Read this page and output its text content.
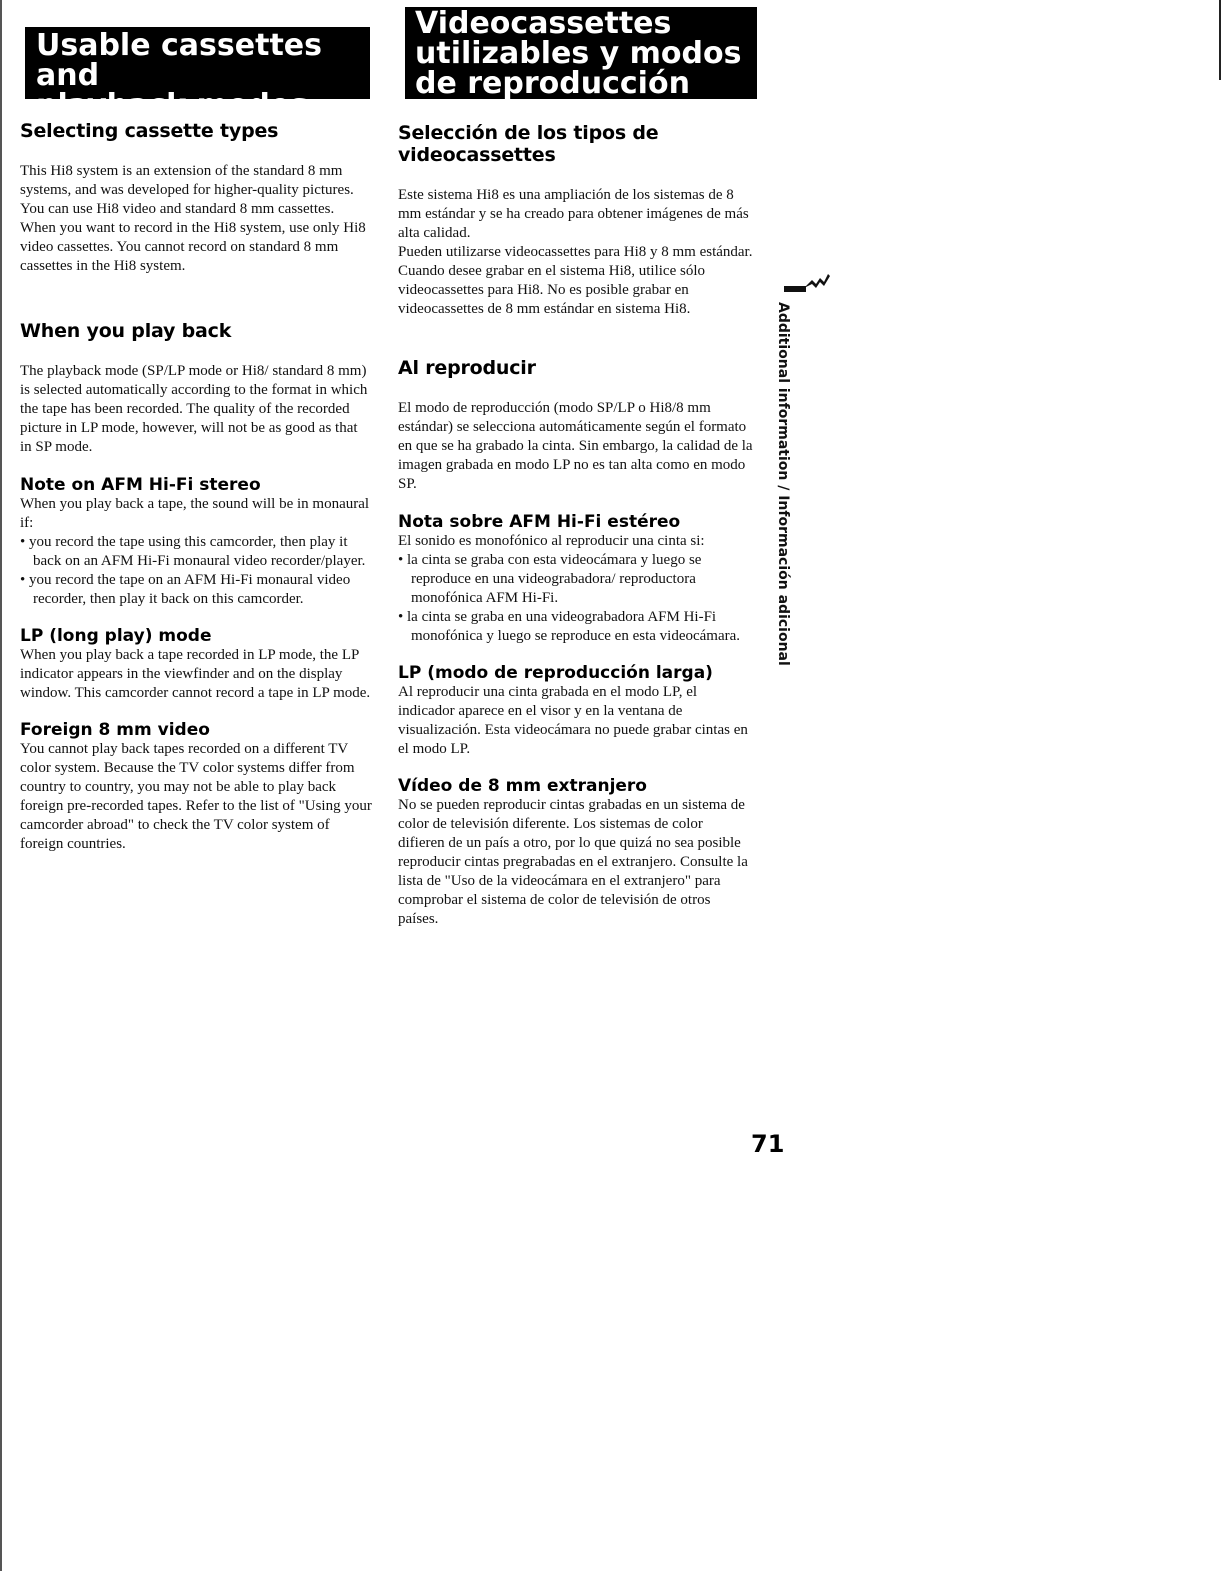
Usable cassettes and
playback modes
Videocassettes
utilizables y modos
de reproducción
Selecting cassette types

This Hi8 system is an extension of the standard 8 mm systems, and was developed for higher-quality pictures.

You can use Hi8 video and standard 8 mm cassettes. When you want to record in the Hi8 system, use only Hi8 video cassettes. You cannot record on standard 8 mm cassettes in the Hi8 system.

When you play back

The playback mode (SP/LP mode or Hi8/ standard 8 mm) is selected automatically according to the format in which the tape has been recorded. The quality of the recorded picture in LP mode, however, will not be as good as that in SP mode.

Note on AFM Hi-Fi stereo

When you play back a tape, the sound will be in monaural if:

• you record the tape using this camcorder, then play it back on an AFM Hi-Fi monaural video recorder/player.
• you record the tape on an AFM Hi-Fi monaural video recorder, then play it back on this camcorder.
LP (long play) mode

When you play back a tape recorded in LP mode, the LP indicator appears in the viewfinder and on the display window. This camcorder cannot record a tape in LP mode.

Foreign 8 mm video

You cannot play back tapes recorded on a different TV color system. Because the TV color systems differ from country to country, you may not be able to play back foreign pre-recorded tapes. Refer to the list of "Using your camcorder abroad" to check the TV color system of foreign countries.

Selección de los tipos de videocassettes

Este sistema Hi8 es una ampliación de los sistemas de 8 mm estándar y se ha creado para obtener imágenes de más alta calidad.

Pueden utilizarse videocassettes para Hi8 y 8 mm estándar. Cuando desee grabar en el sistema Hi8, utilice sólo videocassettes para Hi8. No es posible grabar en videocassettes de 8 mm estándar en sistema Hi8.

Al reproducir

El modo de reproducción (modo SP/LP o Hi8/8 mm estándar) se selecciona automáticamente según el formato en que se ha grabado la cinta. Sin embargo, la calidad de la imagen grabada en modo LP no es tan alta como en modo SP.

Nota sobre AFM Hi-Fi estéreo

El sonido es monofónico al reproducir una cinta si:

• la cinta se graba con esta videocámara y luego se reproduce en una videograbadora/ reproductora monofónica AFM Hi-Fi.
• la cinta se graba en una videograbadora AFM Hi-Fi monofónica y luego se reproduce en esta videocámara.
LP (modo de reproducción larga)

Al reproducir una cinta grabada en el modo LP, el indicador aparece en el visor y en la ventana de visualización. Esta videocámara no puede grabar cintas en el modo LP.

Vídeo de 8 mm extranjero

No se pueden reproducir cintas grabadas en un sistema de color de televisión diferente. Los sistemas de color difieren de un país a otro, por lo que quizá no sea posible reproducir cintas pregrabadas en el extranjero. Consulte la lista de "Uso de la videocámara en el extranjero" para comprobar el sistema de color de televisión de otros países.

Additional information / Información adicional
71
